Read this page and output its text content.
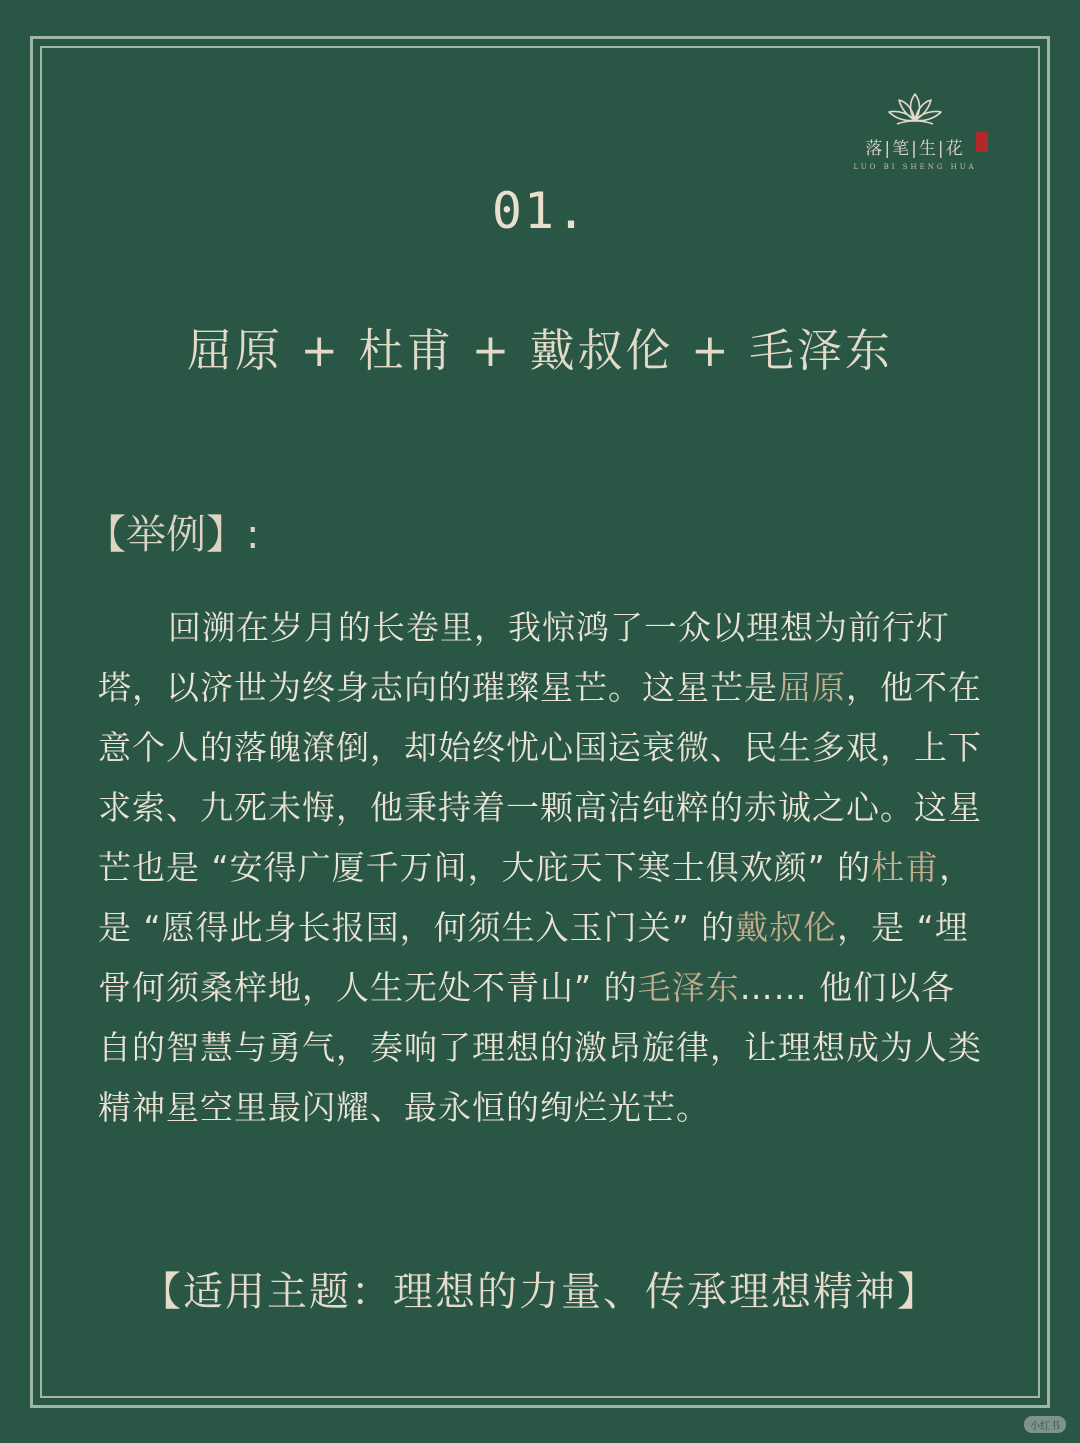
落|笔|生|花
LUO BI SHENG HUA
01.
屈原 + 杜甫 + 戴叔伦 + 毛泽东
【举例】:
回溯在岁月的长卷里，我惊鸿了一众以理想为前行灯塔，以济世为终身志向的璀璨星芒。这星芒是屈原，他不在意个人的落魄潦倒，却始终忧心国运衰微、民生多艰，上下求索、九死未悔，他秉持着一颗高洁纯粹的赤诚之心。这星芒也是 “安得广厦千万间，大庇天下寒士俱欢颜” 的杜甫，是 “愿得此身长报国，何须生入玉门关” 的戴叔伦，是 “埋骨何须桑梓地，人生无处不青山” 的毛泽东…… 他们以各自的智慧与勇气，奏响了理想的激昂旋律，让理想成为人类精神星空里最闪耀、最永恒的绚烂光芒。
【适用主题：理想的力量、传承理想精神】
小红书
